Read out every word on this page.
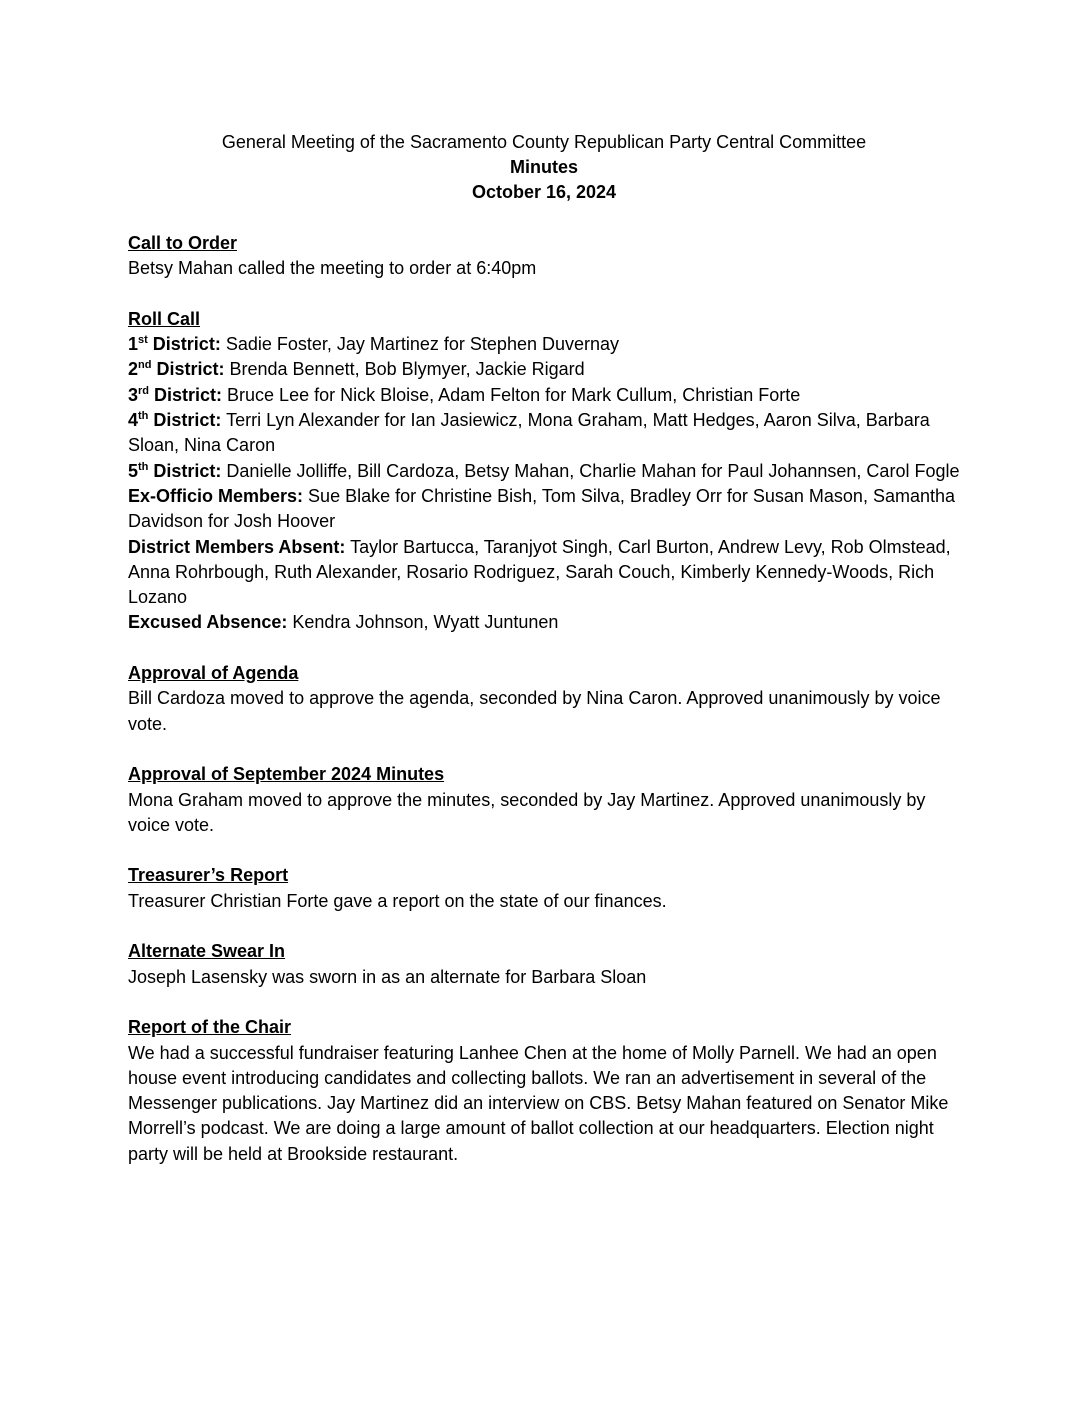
General Meeting of the Sacramento County Republican Party Central Committee
Minutes
October 16, 2024
Call to Order
Betsy Mahan called the meeting to order at 6:40pm
Roll Call
1st District: Sadie Foster, Jay Martinez for Stephen Duvernay
2nd District: Brenda Bennett, Bob Blymyer, Jackie Rigard
3rd District: Bruce Lee for Nick Bloise, Adam Felton for Mark Cullum, Christian Forte
4th District: Terri Lyn Alexander for Ian Jasiewicz, Mona Graham, Matt Hedges, Aaron Silva, Barbara Sloan, Nina Caron
5th District: Danielle Jolliffe, Bill Cardoza, Betsy Mahan, Charlie Mahan for Paul Johannsen, Carol Fogle
Ex-Officio Members: Sue Blake for Christine Bish, Tom Silva, Bradley Orr for Susan Mason, Samantha Davidson for Josh Hoover
District Members Absent: Taylor Bartucca, Taranjyot Singh, Carl Burton, Andrew Levy, Rob Olmstead, Anna Rohrbough, Ruth Alexander, Rosario Rodriguez, Sarah Couch, Kimberly Kennedy-Woods, Rich Lozano
Excused Absence: Kendra Johnson, Wyatt Juntunen
Approval of Agenda
Bill Cardoza moved to approve the agenda, seconded by Nina Caron. Approved unanimously by voice vote.
Approval of September 2024 Minutes
Mona Graham moved to approve the minutes, seconded by Jay Martinez. Approved unanimously by voice vote.
Treasurer’s Report
Treasurer Christian Forte gave a report on the state of our finances.
Alternate Swear In
Joseph Lasensky was sworn in as an alternate for Barbara Sloan
Report of the Chair
We had a successful fundraiser featuring Lanhee Chen at the home of Molly Parnell. We had an open house event introducing candidates and collecting ballots. We ran an advertisement in several of the Messenger publications. Jay Martinez did an interview on CBS. Betsy Mahan featured on Senator Mike Morrell’s podcast. We are doing a large amount of ballot collection at our headquarters. Election night party will be held at Brookside restaurant.
